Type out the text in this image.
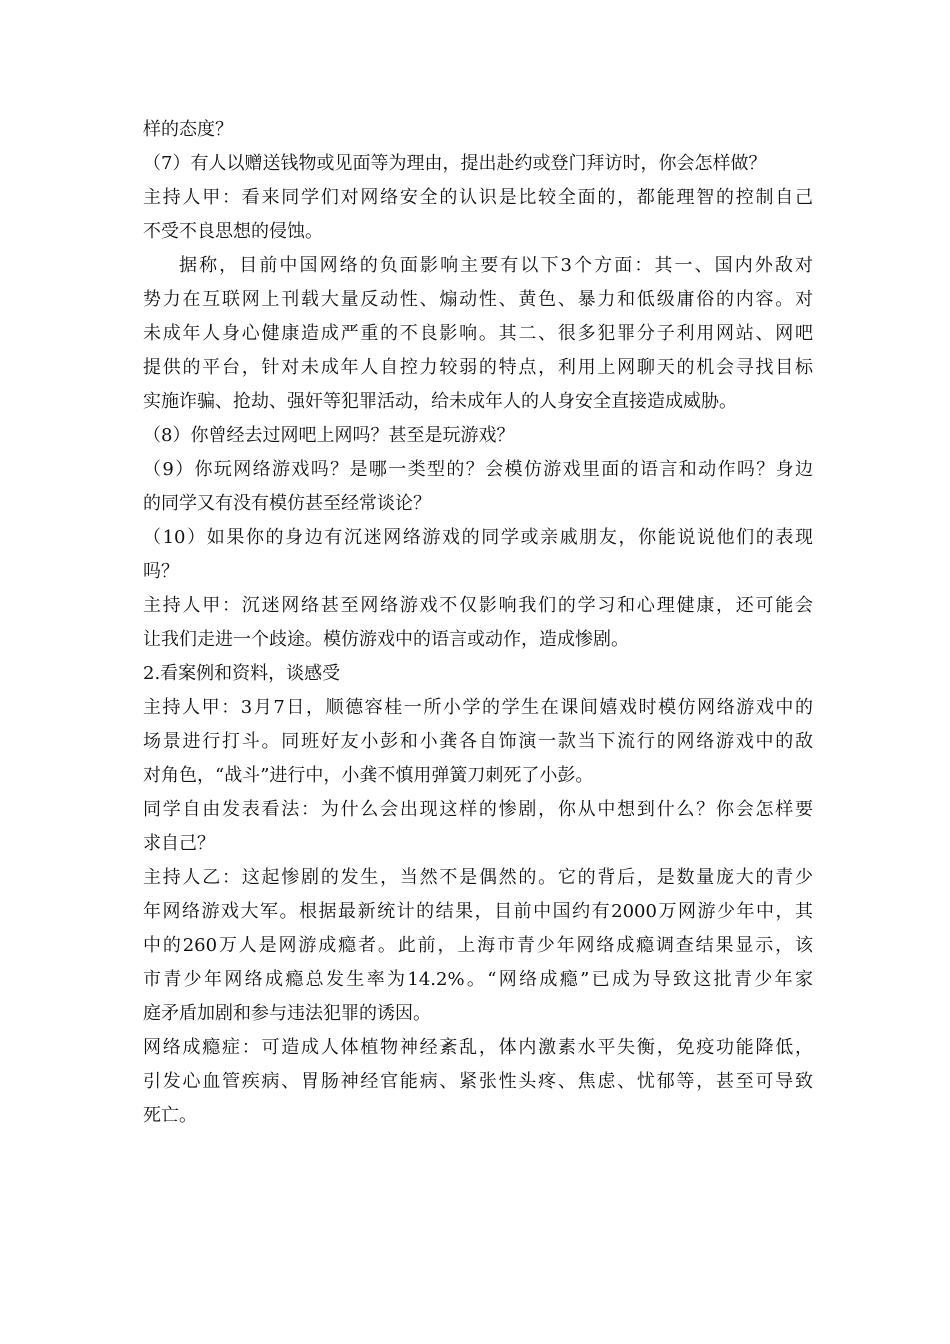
样的态度？
（7）有人以赠送钱物或见面等为理由，提出赴约或登门拜访时，你会怎样做？
主持人甲：看来同学们对网络安全的认识是比较全面的，都能理智的控制自己
不受不良思想的侵蚀。
据称，目前中国网络的负面影响主要有以下3个方面：其一、国内外敌对
势力在互联网上刊载大量反动性、煽动性、黄色、暴力和低级庸俗的内容。对
未成年人身心健康造成严重的不良影响。其二、很多犯罪分子利用网站、网吧
提供的平台，针对未成年人自控力较弱的特点，利用上网聊天的机会寻找目标
实施诈骗、抢劫、强奸等犯罪活动，给未成年人的人身安全直接造成威胁。
（8）你曾经去过网吧上网吗？甚至是玩游戏？
（9）你玩网络游戏吗？是哪一类型的？会模仿游戏里面的语言和动作吗？身边
的同学又有没有模仿甚至经常谈论？
（10）如果你的身边有沉迷网络游戏的同学或亲戚朋友，你能说说他们的表现
吗？
主持人甲：沉迷网络甚至网络游戏不仅影响我们的学习和心理健康，还可能会
让我们走进一个歧途。模仿游戏中的语言或动作，造成惨剧。
2.看案例和资料，谈感受
主持人甲：3月7日，顺德容桂一所小学的学生在课间嬉戏时模仿网络游戏中的
场景进行打斗。同班好友小彭和小龚各自饰演一款当下流行的网络游戏中的敌
对角色，“战斗”进行中，小龚不慎用弹簧刀刺死了小彭。
同学自由发表看法：为什么会出现这样的惨剧，你从中想到什么？你会怎样要
求自己？
主持人乙：这起惨剧的发生，当然不是偶然的。它的背后，是数量庞大的青少
年网络游戏大军。根据最新统计的结果，目前中国约有2000万网游少年中，其
中的260万人是网游成瘾者。此前，上海市青少年网络成瘾调查结果显示，该
市青少年网络成瘾总发生率为14.2%。“网络成瘾”已成为导致这批青少年家
庭矛盾加剧和参与违法犯罪的诱因。
网络成瘾症：可造成人体植物神经紊乱，体内激素水平失衡，免疫功能降低，
引发心血管疾病、胃肠神经官能病、紧张性头疼、焦虑、忧郁等，甚至可导致
死亡。
